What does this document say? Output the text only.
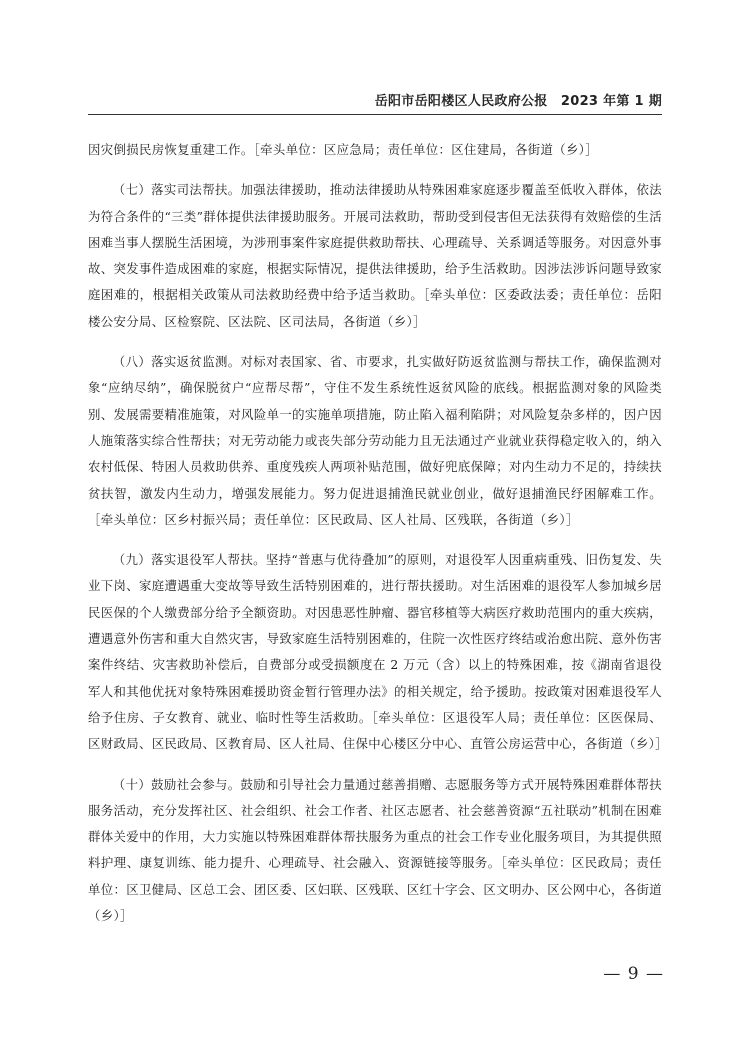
岳阳市岳阳楼区人民政府公报　2023 年第 1 期

因灾倒损民房恢复重建工作。［牵头单位：区应急局；责任单位：区住建局，各街道（乡）］

（七）落实司法帮扶。加强法律援助，推动法律援助从特殊困难家庭逐步覆盖至低收入群体，依法为符合条件的“三类”群体提供法律援助服务。开展司法救助，帮助受到侵害但无法获得有效赔偿的生活困难当事人摆脱生活困境，为涉刑事案件家庭提供救助帮扶、心理疏导、关系调适等服务。对因意外事故、突发事件造成困难的家庭，根据实际情况，提供法律援助，给予生活救助。因涉法涉诉问题导致家庭困难的，根据相关政策从司法救助经费中给予适当救助。［牵头单位：区委政法委；责任单位：岳阳楼公安分局、区检察院、区法院、区司法局，各街道（乡）］

（八）落实返贫监测。对标对表国家、省、市要求，扎实做好防返贫监测与帮扶工作，确保监测对象“应纳尽纳”，确保脱贫户“应帮尽帮”，守住不发生系统性返贫风险的底线。根据监测对象的风险类别、发展需要精准施策，对风险单一的实施单项措施，防止陷入福利陷阱；对风险复杂多样的，因户因人施策落实综合性帮扶；对无劳动能力或丧失部分劳动能力且无法通过产业就业获得稳定收入的，纳入农村低保、特困人员救助供养、重度残疾人两项补贴范围，做好兜底保障；对内生动力不足的，持续扶贫扶智，激发内生动力，增强发展能力。努力促进退捕渔民就业创业，做好退捕渔民纾困解难工作。［牵头单位：区乡村振兴局；责任单位：区民政局、区人社局、区残联，各街道（乡）］

（九）落实退役军人帮扶。坚持“普惠与优待叠加”的原则，对退役军人因重病重残、旧伤复发、失业下岗、家庭遭遇重大变故等导致生活特别困难的，进行帮扶援助。对生活困难的退役军人参加城乡居民医保的个人缴费部分给予全额资助。对因患恶性肿瘤、器官移植等大病医疗救助范围内的重大疾病，遭遇意外伤害和重大自然灾害，导致家庭生活特别困难的，住院一次性医疗终结或治愈出院、意外伤害案件终结、灾害救助补偿后，自费部分或受损额度在 2 万元（含）以上的特殊困难，按《湖南省退役军人和其他优抚对象特殊困难援助资金暂行管理办法》的相关规定，给予援助。按政策对困难退役军人给予住房、子女教育、就业、临时性等生活救助。［牵头单位：区退役军人局；责任单位：区医保局、区财政局、区民政局、区教育局、区人社局、住保中心楼区分中心、直管公房运营中心，各街道（乡）］

（十）鼓励社会参与。鼓励和引导社会力量通过慈善捐赠、志愿服务等方式开展特殊困难群体帮扶服务活动，充分发挥社区、社会组织、社会工作者、社区志愿者、社会慈善资源“五社联动”机制在困难群体关爱中的作用，大力实施以特殊困难群体帮扶服务为重点的社会工作专业化服务项目，为其提供照料护理、康复训练、能力提升、心理疏导、社会融入、资源链接等服务。［牵头单位：区民政局；责任单位：区卫健局、区总工会、团区委、区妇联、区残联、区红十字会、区文明办、区公网中心，各街道（乡）］

— 9 —
